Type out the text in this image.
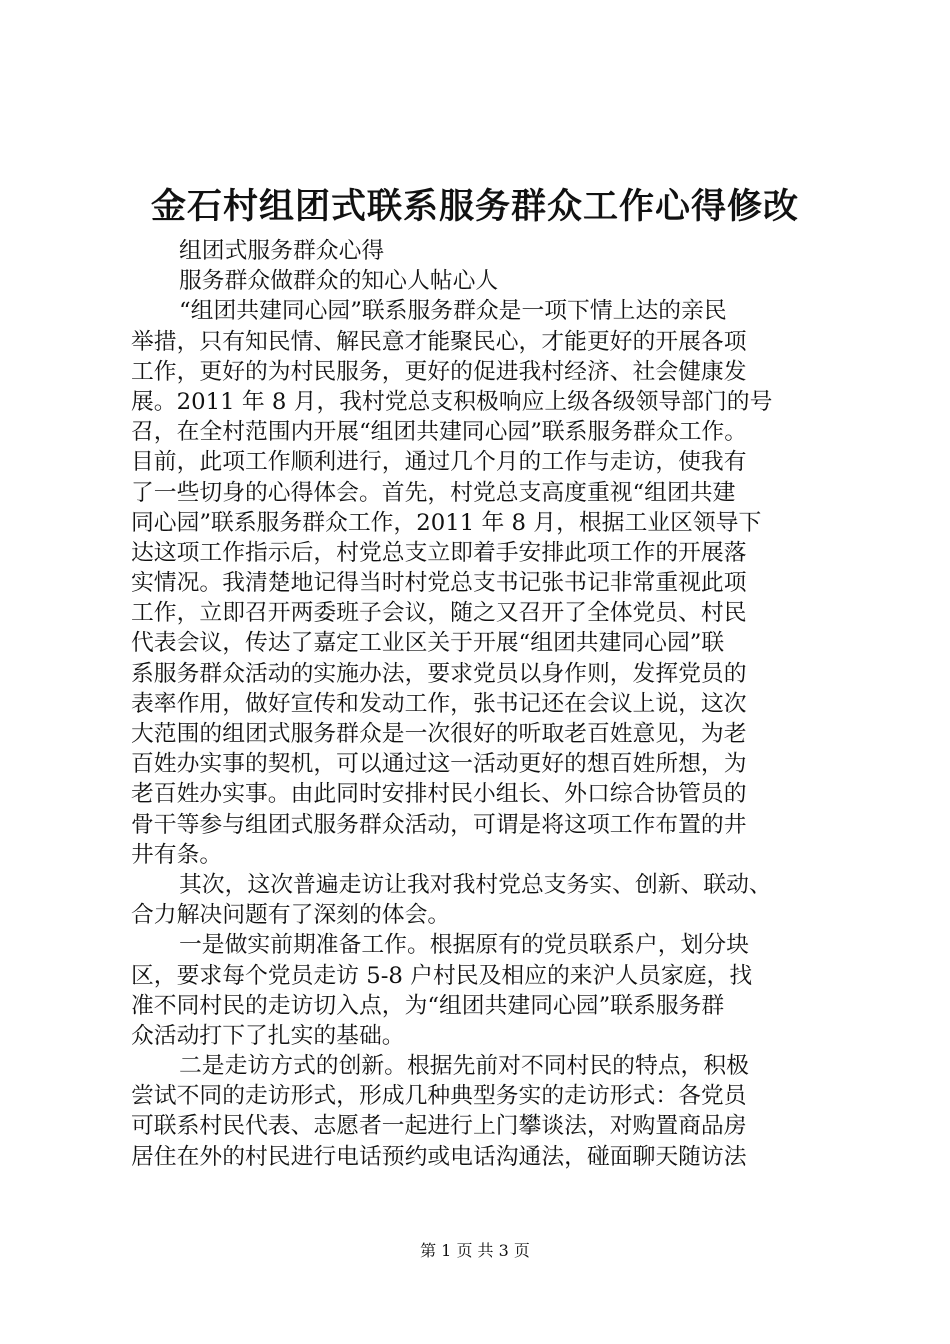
金石村组团式联系服务群众工作心得修改
组团式服务群众心得
服务群众做群众的知心人帖心人
“组团共建同心园”联系服务群众是一项下情上达的亲民
举措，只有知民情、解民意才能聚民心，才能更好的开展各项
工作，更好的为村民服务，更好的促进我村经济、社会健康发
展。2011 年 8 月，我村党总支积极响应上级各级领导部门的号
召，在全村范围内开展“组团共建同心园”联系服务群众工作。
目前，此项工作顺利进行，通过几个月的工作与走访，使我有
了一些切身的心得体会。首先，村党总支高度重视“组团共建
同心园”联系服务群众工作，2011 年 8 月，根据工业区领导下
达这项工作指示后，村党总支立即着手安排此项工作的开展落
实情况。我清楚地记得当时村党总支书记张书记非常重视此项
工作，立即召开两委班子会议，随之又召开了全体党员、村民
代表会议，传达了嘉定工业区关于开展“组团共建同心园”联
系服务群众活动的实施办法，要求党员以身作则，发挥党员的
表率作用，做好宣传和发动工作，张书记还在会议上说，这次
大范围的组团式服务群众是一次很好的听取老百姓意见，为老
百姓办实事的契机，可以通过这一活动更好的想百姓所想，为
老百姓办实事。由此同时安排村民小组长、外口综合协管员的
骨干等参与组团式服务群众活动，可谓是将这项工作布置的井
井有条。
其次，这次普遍走访让我对我村党总支务实、创新、联动、
合力解决问题有了深刻的体会。
一是做实前期准备工作。根据原有的党员联系户，划分块
区，要求每个党员走访 5-8 户村民及相应的来沪人员家庭，找
准不同村民的走访切入点，为“组团共建同心园”联系服务群
众活动打下了扎实的基础。
二是走访方式的创新。根据先前对不同村民的特点，积极
尝试不同的走访形式，形成几种典型务实的走访形式：各党员
可联系村民代表、志愿者一起进行上门攀谈法，对购置商品房
居住在外的村民进行电话预约或电话沟通法，碰面聊天随访法
第 1 页 共 3 页
